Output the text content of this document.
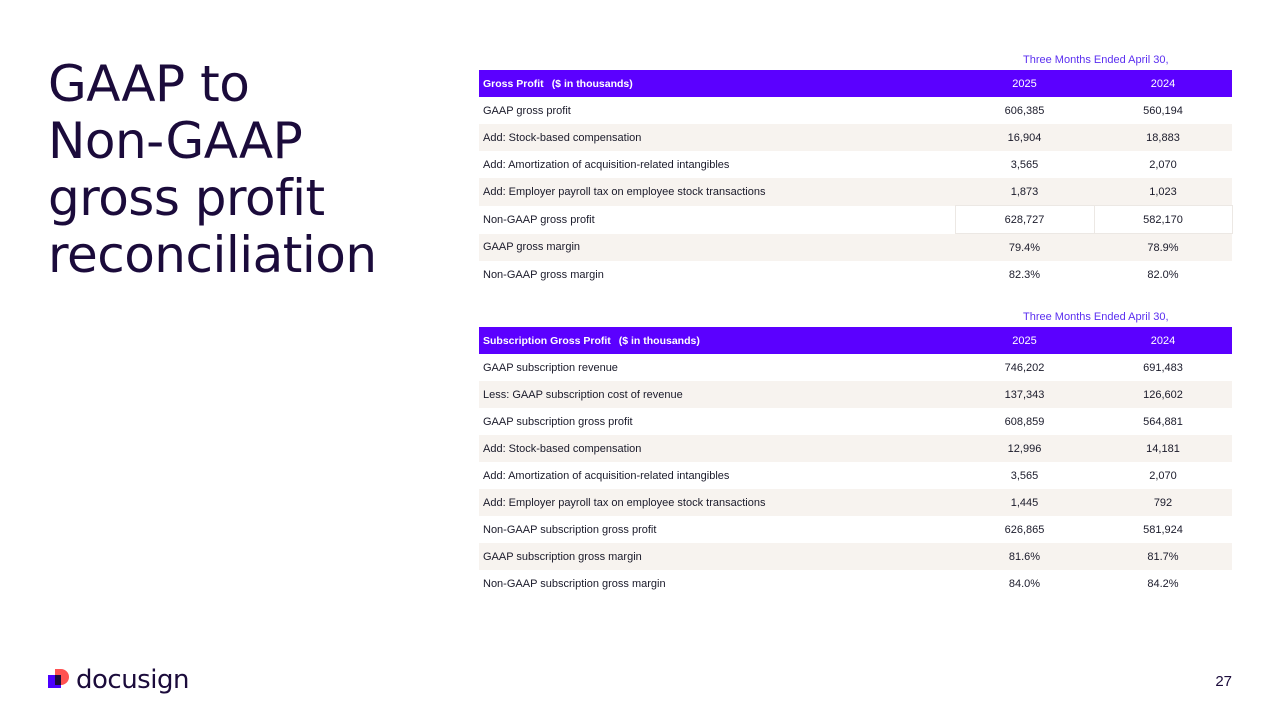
GAAP to
Non-GAAP
gross profit
reconciliation
Three Months Ended April 30,
Gross Profit ($ in thousands)	2025	2024
GAAP gross profit	606,385	560,194
Add: Stock-based compensation	16,904	18,883
Add: Amortization of acquisition-related intangibles	3,565	2,070
Add: Employer payroll tax on employee stock transactions	1,873	1,023
Non-GAAP gross profit	628,727	582,170
GAAP gross margin	79.4%	78.9%
Non-GAAP gross margin	82.3%	82.0%
Three Months Ended April 30,
Subscription Gross Profit ($ in thousands)	2025	2024
GAAP subscription revenue	746,202	691,483
Less: GAAP subscription cost of revenue	137,343	126,602
GAAP subscription gross profit	608,859	564,881
Add: Stock-based compensation	12,996	14,181
Add: Amortization of acquisition-related intangibles	3,565	2,070
Add: Employer payroll tax on employee stock transactions	1,445	792
Non-GAAP subscription gross profit	626,865	581,924
GAAP subscription gross margin	81.6%	81.7%
Non-GAAP subscription gross margin	84.0%	84.2%
docusign	27
